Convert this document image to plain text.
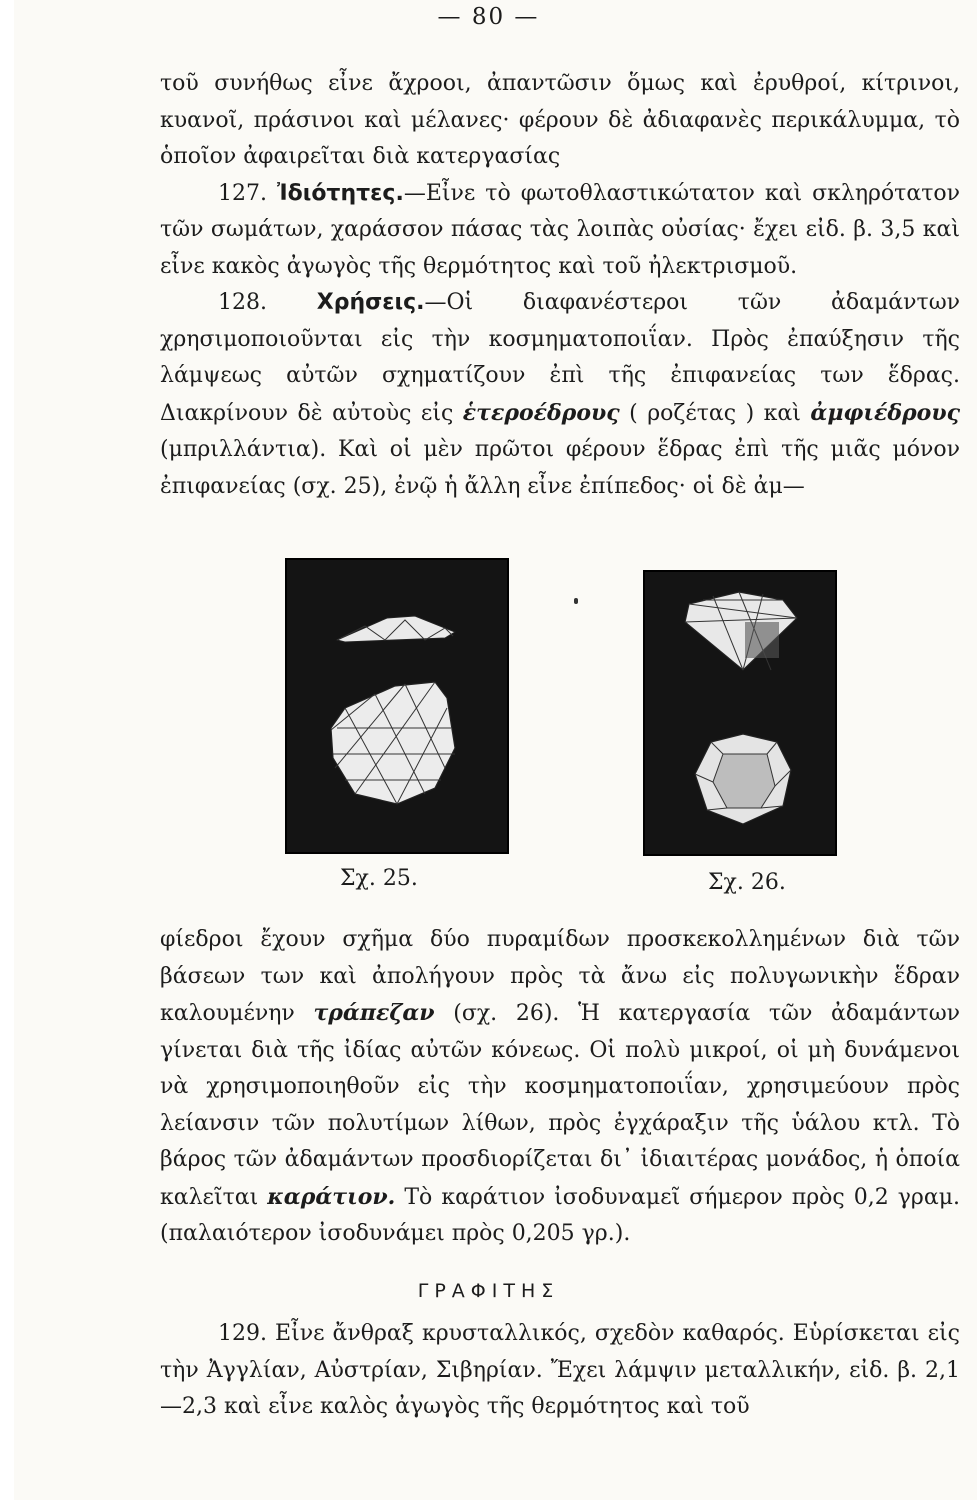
— 80 —

τοῦ συνήθως εἶνε ἄχροοι, ἀπαντῶσιν ὅμως καὶ ἐρυθροί, κίτρινοι, κυανοῖ, πράσινοι καὶ μέλανες· φέρουν δὲ ἀδιαφανὲς περικάλυμμα, τὸ ὁποῖον ἀφαιρεῖται διὰ κατεργασίας

127. Ἰδιότητες.—Εἶνε τὸ φωτοθλαστικώτατον καὶ σκληρότατον τῶν σωμάτων, χαράσσον πάσας τὰς λοιπὰς οὐσίας· ἔχει εἰδ. β. 3,5 καὶ εἶνε κακὸς ἀγωγὸς τῆς θερμότητος καὶ τοῦ ἠλεκτρισμοῦ.

128. Χρήσεις.—Οἱ διαφανέστεροι τῶν ἀδαμάντων χρησιμοποιοῦνται εἰς τὴν κοσμηματοποιΐαν. Πρὸς ἐπαύξησιν τῆς λάμψεως αὐτῶν σχηματίζουν ἐπὶ τῆς ἐπιφανείας των ἕδρας. Διακρίνουν δὲ αὐτοὺς εἰς ἑτεροέδρους ( ροζέτας ) καὶ ἀμφιέδρους (μπριλλάντια). Καὶ οἱ μὲν πρῶτοι φέρουν ἕδρας ἐπὶ τῆς μιᾶς μόνον ἐπιφανείας (σχ. 25), ἐνῷ ἡ ἄλλη εἶνε ἐπίπεδος· οἱ δὲ ἀμ—

Σχ. 25.	Σχ. 26.

φίεδροι ἔχουν σχῆμα δύο πυραμίδων προσκεκολλημένων διὰ τῶν βάσεων των καὶ ἀπολήγουν πρὸς τὰ ἄνω εἰς πολυγωνικὴν ἕδραν καλουμένην τράπεζαν (σχ. 26). Ἡ κατεργασία τῶν ἀδαμάντων γίνεται διὰ τῆς ἰδίας αὐτῶν κόνεως. Οἱ πολὺ μικροί, οἱ μὴ δυνάμενοι νὰ χρησιμοποιηθοῦν εἰς τὴν κοσμηματοποιΐαν, χρησιμεύουν πρὸς λείανσιν τῶν πολυτίμων λίθων, πρὸς ἐγχάραξιν τῆς ὑάλου κτλ. Τὸ βάρος τῶν ἀδαμάντων προσδιορίζεται δι᾽ ἰδιαιτέρας μονάδος, ἡ ὁποία καλεῖται καράτιον. Τὸ καράτιον ἰσοδυναμεῖ σήμερον πρὸς 0,2 γραμ. (παλαιότερον ἰσοδυνάμει πρὸς 0,205 γρ.).

ΓΡΑΦΙΤΗΣ

129. Εἶνε ἄνθραξ κρυσταλλικός, σχεδὸν καθαρός. Εὑρίσκεται εἰς τὴν Ἀγγλίαν, Αὐστρίαν, Σιβηρίαν. Ἔχει λάμψιν μεταλλικήν, εἰδ. β. 2,1—2,3 καὶ εἶνε καλὸς ἀγωγὸς τῆς θερμότητος καὶ τοῦ
